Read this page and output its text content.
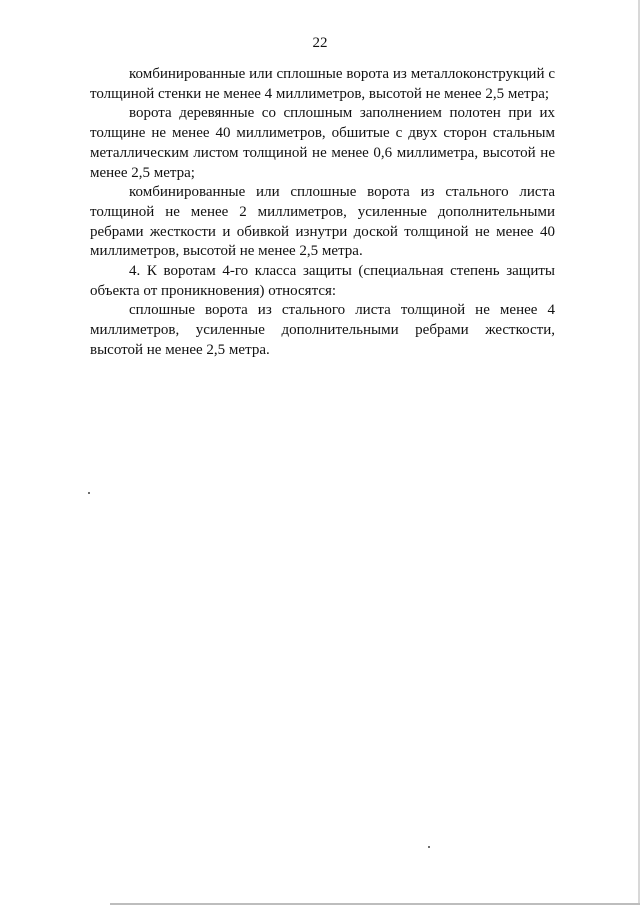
22

комбинированные или сплошные ворота из металлоконструкций с толщиной стенки не менее 4 миллиметров, высотой не менее 2,5 метра;

ворота деревянные со сплошным заполнением полотен при их толщине не менее 40 миллиметров, обшитые с двух сторон стальным металлическим листом толщиной не менее 0,6 миллиметра, высотой не менее 2,5 метра;

комбинированные или сплошные ворота из стального листа толщиной не менее 2 миллиметров, усиленные дополнительными ребрами жесткости и обивкой изнутри доской толщиной не менее 40 миллиметров, высотой не менее 2,5 метра.

4. К воротам 4-го класса защиты (специальная степень защиты объекта от проникновения) относятся:

сплошные ворота из стального листа толщиной не менее 4 миллиметров, усиленные дополнительными ребрами жесткости, высотой не менее 2,5 метра.
